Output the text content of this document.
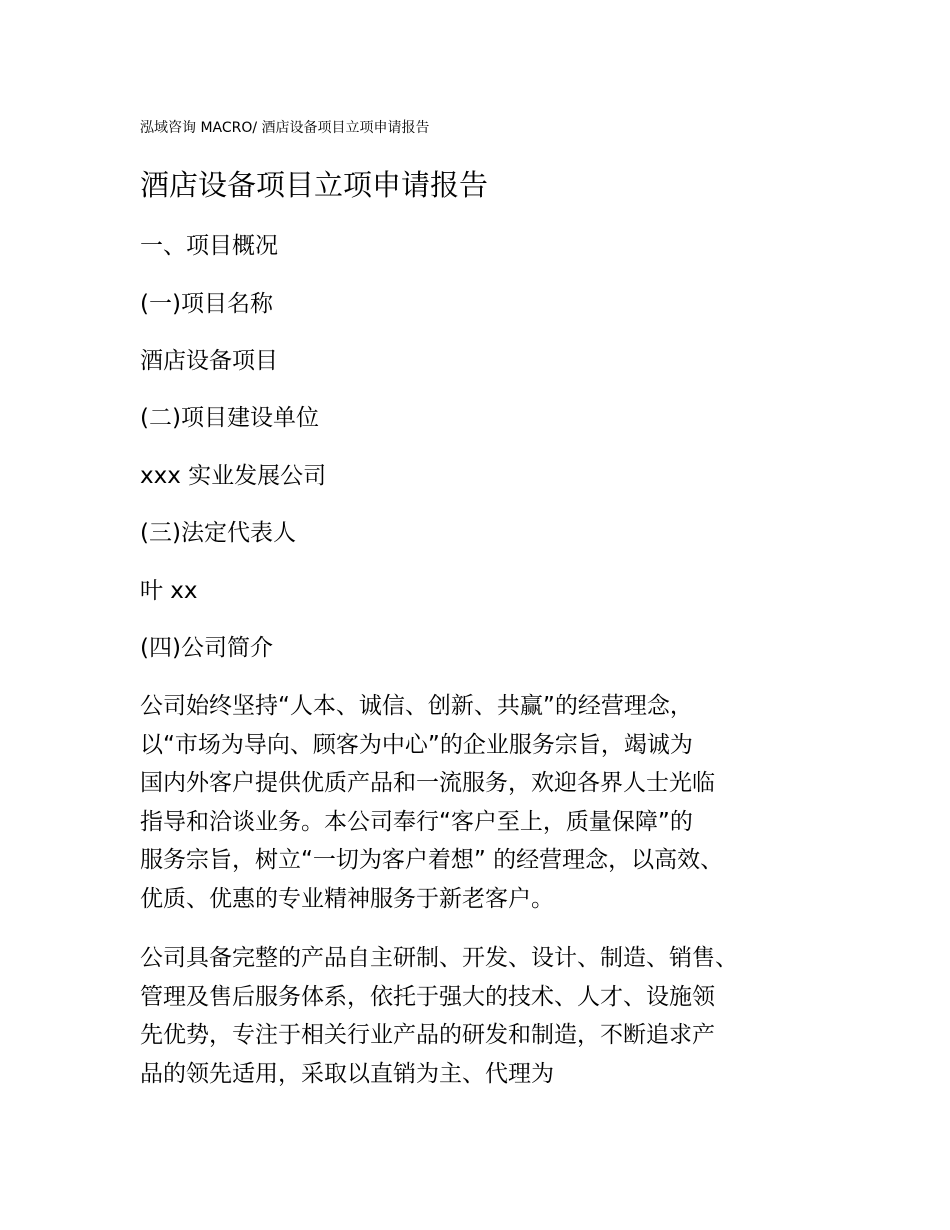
泓域咨询 MACRO/ 酒店设备项目立项申请报告
酒店设备项目立项申请报告
一、项目概况
(一)项目名称
酒店设备项目
(二)项目建设单位
xxx 实业发展公司
(三)法定代表人
叶 xx
(四)公司简介
公司始终坚持“人本、诚信、创新、共赢”的经营理念，
以“市场为导向、顾客为中心”的企业服务宗旨，竭诚为
国内外客户提供优质产品和一流服务，欢迎各界人士光临
指导和洽谈业务。本公司奉行“客户至上，质量保障”的
服务宗旨，树立“一切为客户着想” 的经营理念，以高效、
优质、优惠的专业精神服务于新老客户。
公司具备完整的产品自主研制、开发、设计、制造、销售、
管理及售后服务体系，依托于强大的技术、人才、设施领
先优势，专注于相关行业产品的研发和制造，不断追求产
品的领先适用，采取以直销为主、代理为
